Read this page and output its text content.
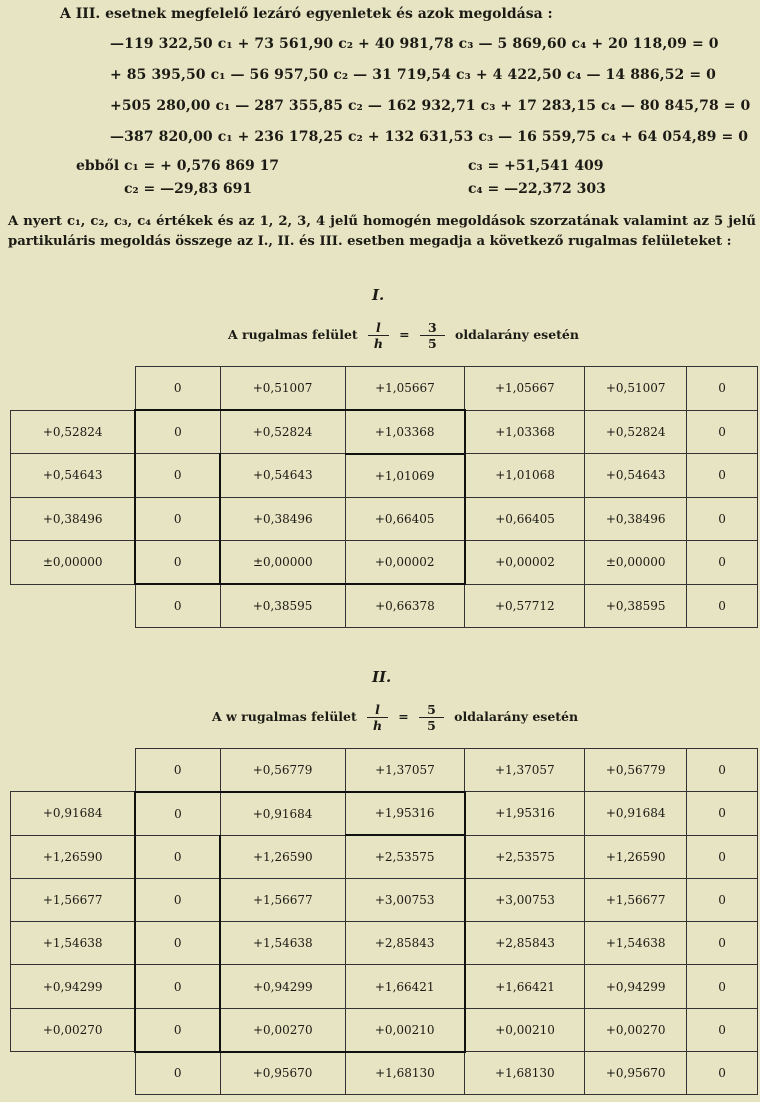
A III. esetnek megfelelő lezáró egyenletek és azok megoldása :
—119 322,50 c₁ + 73 561,90 c₂ + 40 981,78 c₃ — 5 869,60 c₄ + 20 118,09 = 0
+ 85 395,50 c₁ — 56 957,50 c₂ — 31 719,54 c₃ + 4 422,50 c₄ — 14 886,52 = 0
+505 280,00 c₁ — 287 355,85 c₂ — 162 932,71 c₃ + 17 283,15 c₄ — 80 845,78 = 0
—387 820,00 c₁ + 236 178,25 c₂ + 132 631,53 c₃ — 16 559,75 c₄ + 64 054,89 = 0
ebből c₁ = + 0,576 869 17
c₂ = —29,83 691
c₃ = +51,541 409
c₄ = —22,372 303
A nyert c₁, c₂, c₃, c₄ értékek és az 1, 2, 3, 4 jelű homogén megoldások szorzatának valamint az 5 jelű partikuláris megoldás összege az I., II. és III. esetben megadja a következő rugalmas felületeket :
I.
A rugalmas felület $\frac{l}{h} = \frac{3}{5}$ oldalarány esetén
	0	+0,51007	+1,05667	+1,05667	+0,51007	0
+0,52824	0	+0,52824	+1,03368	+1,03368	+0,52824	0
+0,54643	0	+0,54643	+1,01069	+1,01068	+0,54643	0
+0,38496	0	+0,38496	+0,66405	+0,66405	+0,38496	0
±0,00000	0	±0,00000	+0,00002	+0,00002	±0,00000	0
	0	+0,38595	+0,66378	+0,57712	+0,38595	0
II.
A w rugalmas felület $\frac{l}{h} = \frac{5}{5}$ oldalarány esetén
	0	+0,56779	+1,37057	+1,37057	+0,56779	0
+0,91684	0	+0,91684	+1,95316	+1,95316	+0,91684	0
+1,26590	0	+1,26590	+2,53575	+2,53575	+1,26590	0
+1,56677	0	+1,56677	+3,00753	+3,00753	+1,56677	0
+1,54638	0	+1,54638	+2,85843	+2,85843	+1,54638	0
+0,94299	0	+0,94299	+1,66421	+1,66421	+0,94299	0
+0,00270	0	+0,00270	+0,00210	+0,00210	+0,00270	0
	0	+0,95670	+1,68130	+1,68130	+0,95670	0
